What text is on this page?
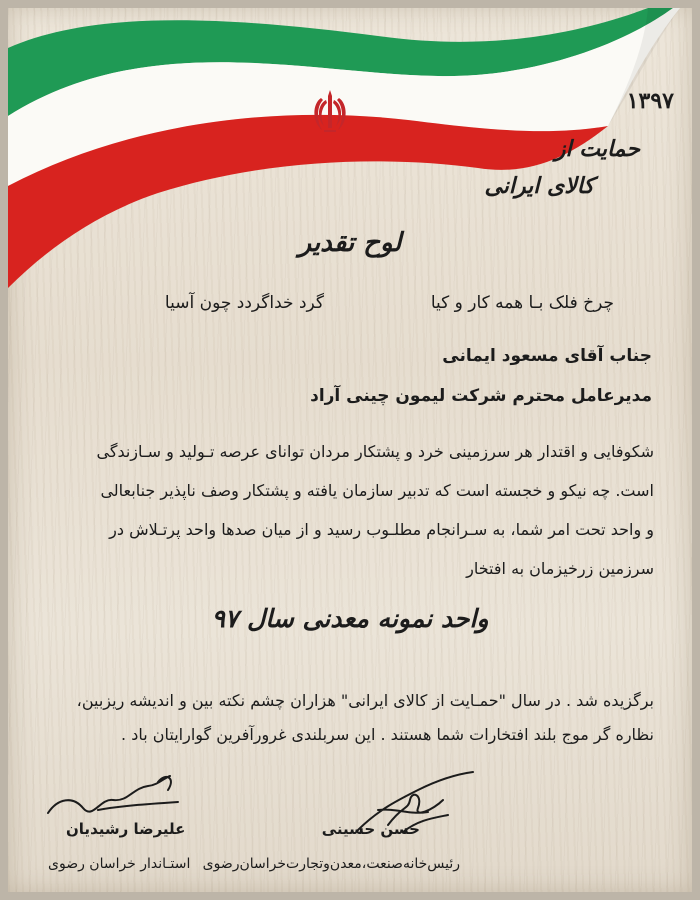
۱۳۹۷
حمایت از
کالای ایرانی
لوح تقدیر
چرخ فلک بـا همه کار و کیا
گرد خداگردد چون آسیا
جناب آقای مسعود ایمانی
مدیرعامل محترم شرکت لیمون چینی آراد
شکوفایی و اقتدار هر سرزمینی خرد و پشتکار مردان توانای عرصه تـولید و سـازندگی
است. چه نیکو و خجسته است که تدبیر سازمان یافته و پشتکار وصف ناپذیر جنابعالی
و واحد تحت امر شما، به سـرانجام مطلـوب رسید و از میان صدها واحد پرتـلاش در
سرزمین زرخیزمان به افتخار
واحد نمونه معدنی سال ۹۷
برگزیده شد . در سال "حمـایت از کالای ایرانی" هزاران چشم نکته بین و اندیشه ریزبین،
نظاره گر موج بلند افتخارات شما هستند . این سربلندی غرورآفرین گوارایتان باد .
علیرضا رشیدیان
استـاندار خراسان رضوی
حسن حسینی
رئیس‌خانه‌صنعت،معدن‌وتجارت‌خراسان‌رضوی
